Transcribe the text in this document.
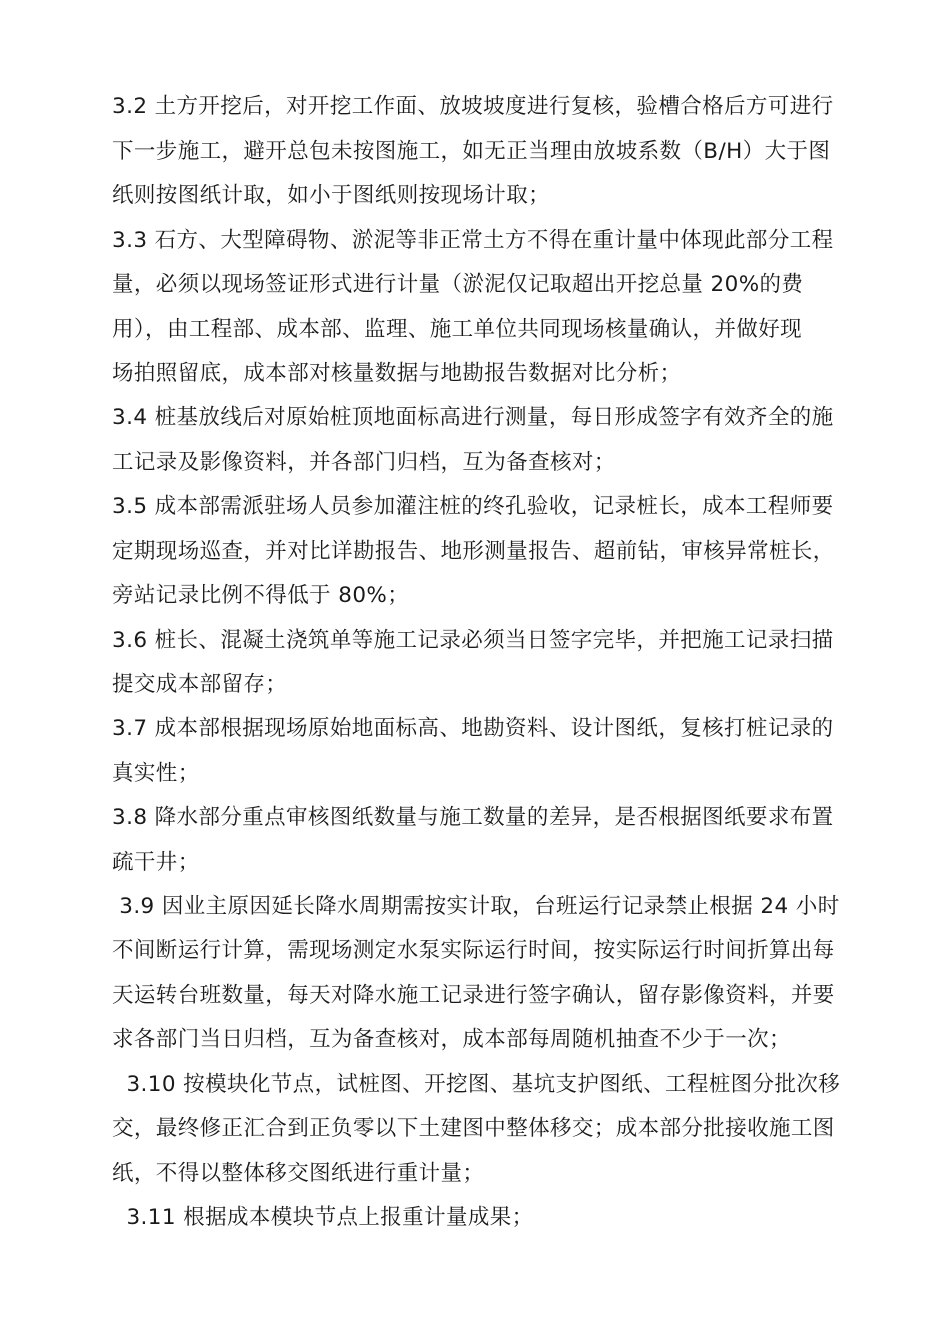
3.2 土方开挖后，对开挖工作面、放坡坡度进行复核，验槽合格后方可进行
下一步施工，避开总包未按图施工，如无正当理由放坡系数（B/H）大于图
纸则按图纸计取，如小于图纸则按现场计取；
3.3 石方、大型障碍物、淤泥等非正常土方不得在重计量中体现此部分工程
量，必须以现场签证形式进行计量（淤泥仅记取超出开挖总量 20%的费
用），由工程部、成本部、监理、施工单位共同现场核量确认，并做好现
场拍照留底，成本部对核量数据与地勘报告数据对比分析；
3.4 桩基放线后对原始桩顶地面标高进行测量，每日形成签字有效齐全的施
工记录及影像资料，并各部门归档，互为备查核对；
3.5 成本部需派驻场人员参加灌注桩的终孔验收，记录桩长，成本工程师要
定期现场巡查，并对比详勘报告、地形测量报告、超前钻，审核异常桩长，
旁站记录比例不得低于 80%；
3.6 桩长、混凝土浇筑单等施工记录必须当日签字完毕，并把施工记录扫描
提交成本部留存；
3.7 成本部根据现场原始地面标高、地勘资料、设计图纸，复核打桩记录的
真实性；
3.8 降水部分重点审核图纸数量与施工数量的差异，是否根据图纸要求布置
疏干井；
3.9 因业主原因延长降水周期需按实计取，台班运行记录禁止根据 24 小时
不间断运行计算，需现场测定水泵实际运行时间，按实际运行时间折算出每
天运转台班数量，每天对降水施工记录进行签字确认，留存影像资料，并要
求各部门当日归档，互为备查核对，成本部每周随机抽查不少于一次；
3.10 按模块化节点，试桩图、开挖图、基坑支护图纸、工程桩图分批次移
交，最终修正汇合到正负零以下土建图中整体移交；成本部分批接收施工图
纸，不得以整体移交图纸进行重计量；
3.11 根据成本模块节点上报重计量成果；
